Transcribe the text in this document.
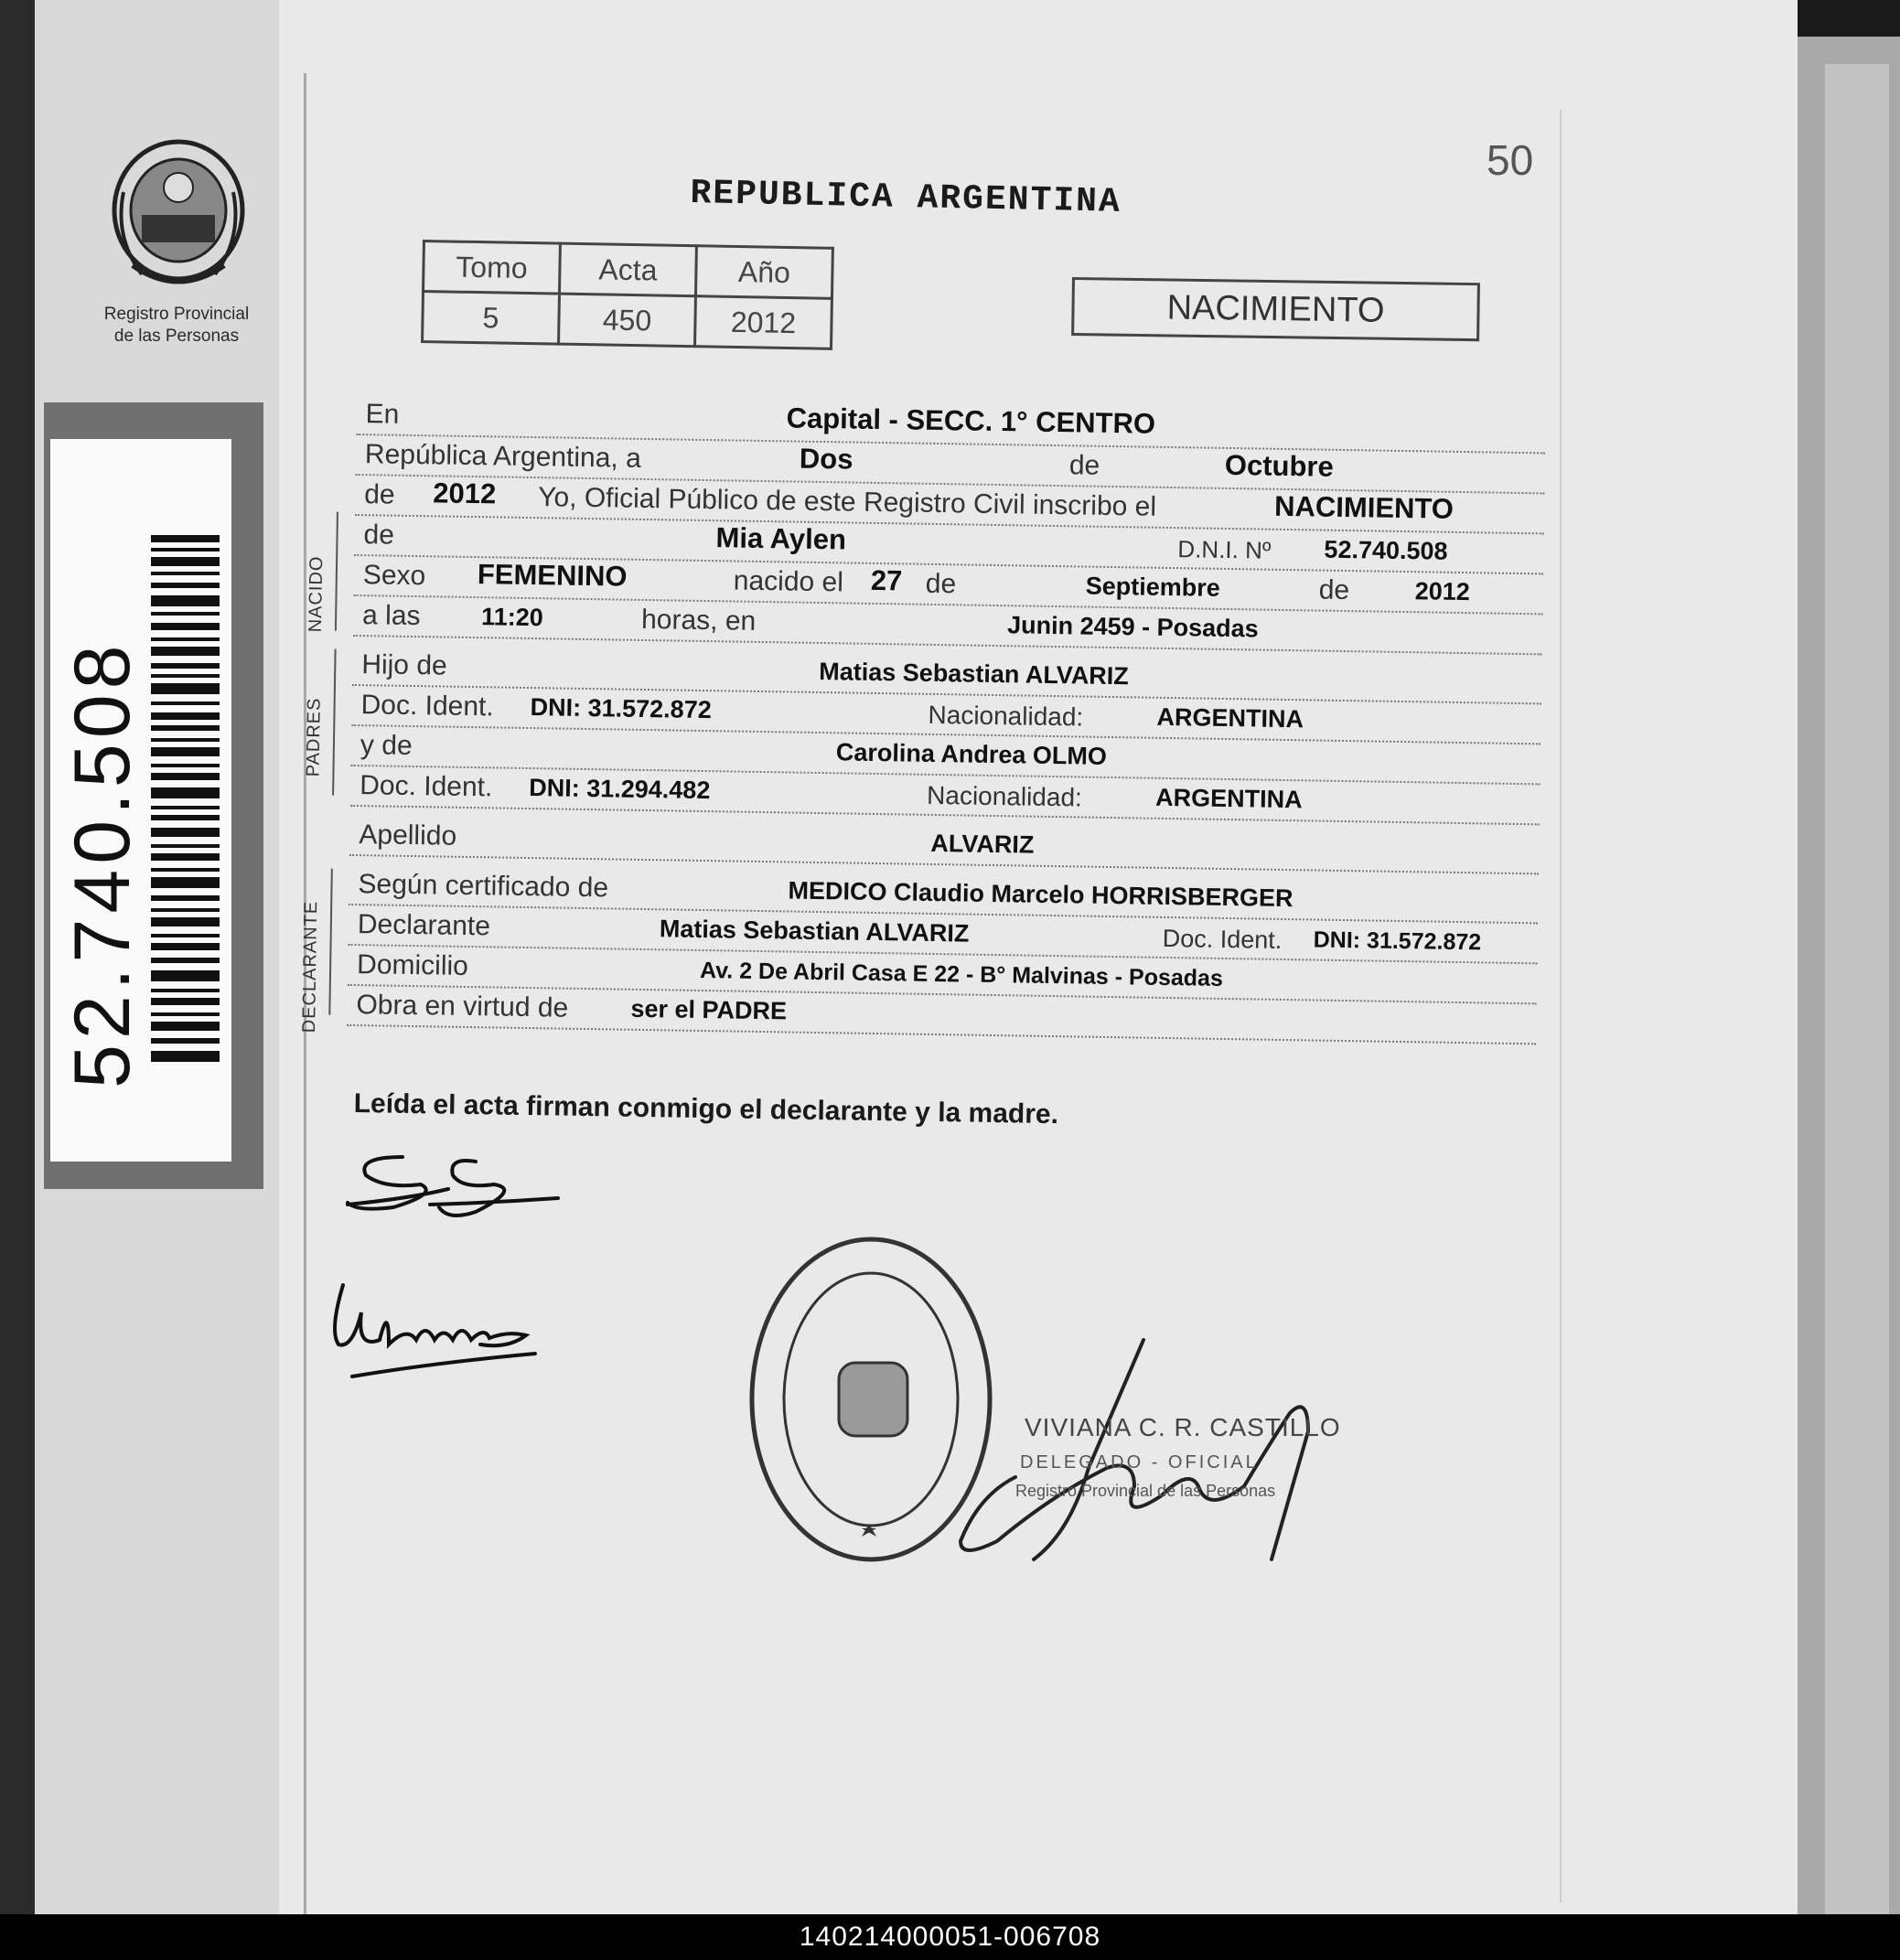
Registro Provincial
de las Personas
52.740.508
50
REPUBLICA ARGENTINA
Tomo	Acta	Año
5	450	2012	NACIMIENTO
En	Capital - SECC. 1° CENTRO
República Argentina, a	Dos	de	Octubre
de 2012 Yo, Oficial Público de este Registro Civil inscribo el	NACIMIENTO
de	Mia Aylen	D.N.I. Nº 52.740.508
Sexo FEMENINO	nacido el 27 de	Septiembre	de	2012
a las 11:20	horas, en	Junin 2459 - Posadas
Hijo de	Matias Sebastian ALVARIZ
Doc. Ident. DNI: 31.572.872	Nacionalidad:	ARGENTINA
y de	Carolina Andrea OLMO
Doc. Ident. DNI: 31.294.482	Nacionalidad:	ARGENTINA
Apellido	ALVARIZ
Según certificado de	MEDICO Claudio Marcelo HORRISBERGER
Declarante	Matias Sebastian ALVARIZ	Doc. Ident. DNI: 31.572.872
Domicilio	Av. 2 De Abril Casa E 22 - B° Malvinas - Posadas
Obra en virtud de	ser el PADRE
NACIDO
PADRES
DECLARANTE
Leída el acta firman conmigo el declarante y la madre.
VIVIANA C. R. CASTILLO
DELEGADO - OFICIAL
Registro Provincial de las Personas
140214000051-006708
